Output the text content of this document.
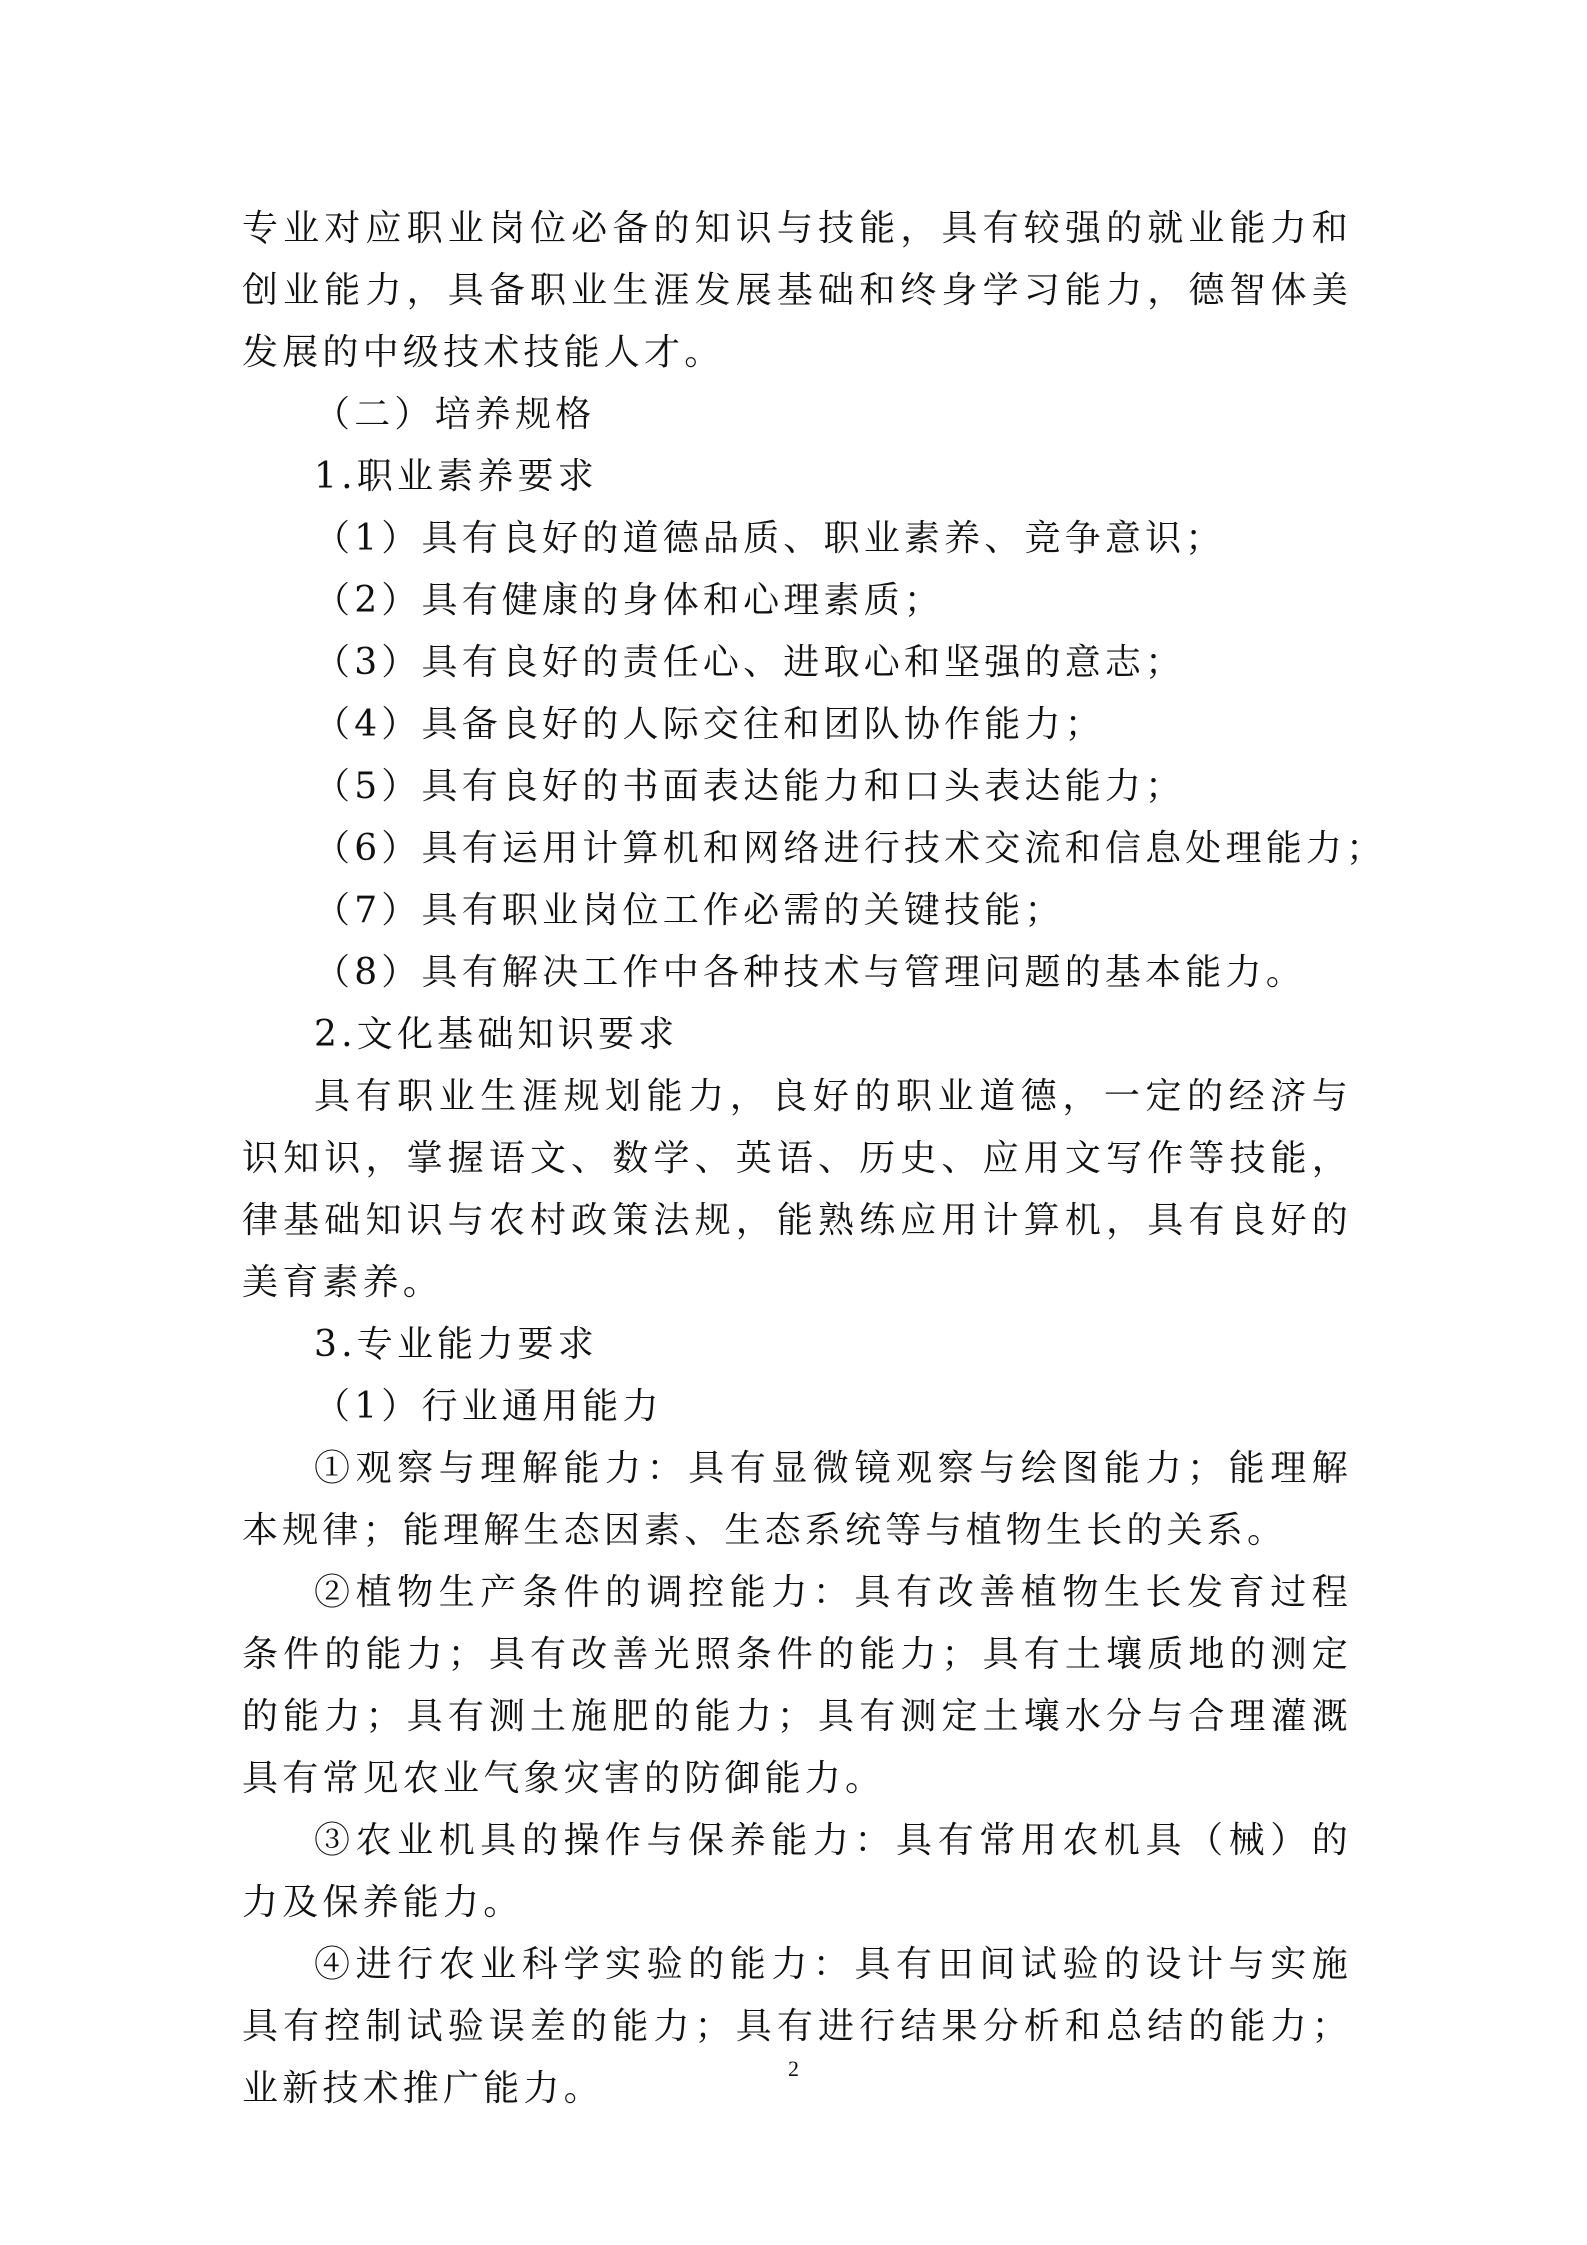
专业对应职业岗位必备的知识与技能，具有较强的就业能力和
创业能力，具备职业生涯发展基础和终身学习能力，德智体美
发展的中级技术技能人才。
（二）培养规格
1.职业素养要求
（1）具有良好的道德品质、职业素养、竞争意识；
（2）具有健康的身体和心理素质；
（3）具有良好的责任心、进取心和坚强的意志；
（4）具备良好的人际交往和团队协作能力；
（5）具有良好的书面表达能力和口头表达能力；
（6）具有运用计算机和网络进行技术交流和信息处理能力；
（7）具有职业岗位工作必需的关键技能；
（8）具有解决工作中各种技术与管理问题的基本能力。
2.文化基础知识要求
具有职业生涯规划能力，良好的职业道德，一定的经济与
识知识，掌握语文、数学、英语、历史、应用文写作等技能，
律基础知识与农村政策法规，能熟练应用计算机，具有良好的
美育素养。
3.专业能力要求
（1）行业通用能力
①观察与理解能力：具有显微镜观察与绘图能力；能理解
本规律；能理解生态因素、生态系统等与植物生长的关系。
②植物生产条件的调控能力：具有改善植物生长发育过程
条件的能力；具有改善光照条件的能力；具有土壤质地的测定
的能力；具有测土施肥的能力；具有测定土壤水分与合理灌溉
具有常见农业气象灾害的防御能力。
③农业机具的操作与保养能力：具有常用农机具（械）的
力及保养能力。
④进行农业科学实验的能力：具有田间试验的设计与实施
具有控制试验误差的能力；具有进行结果分析和总结的能力；
业新技术推广能力。	2
